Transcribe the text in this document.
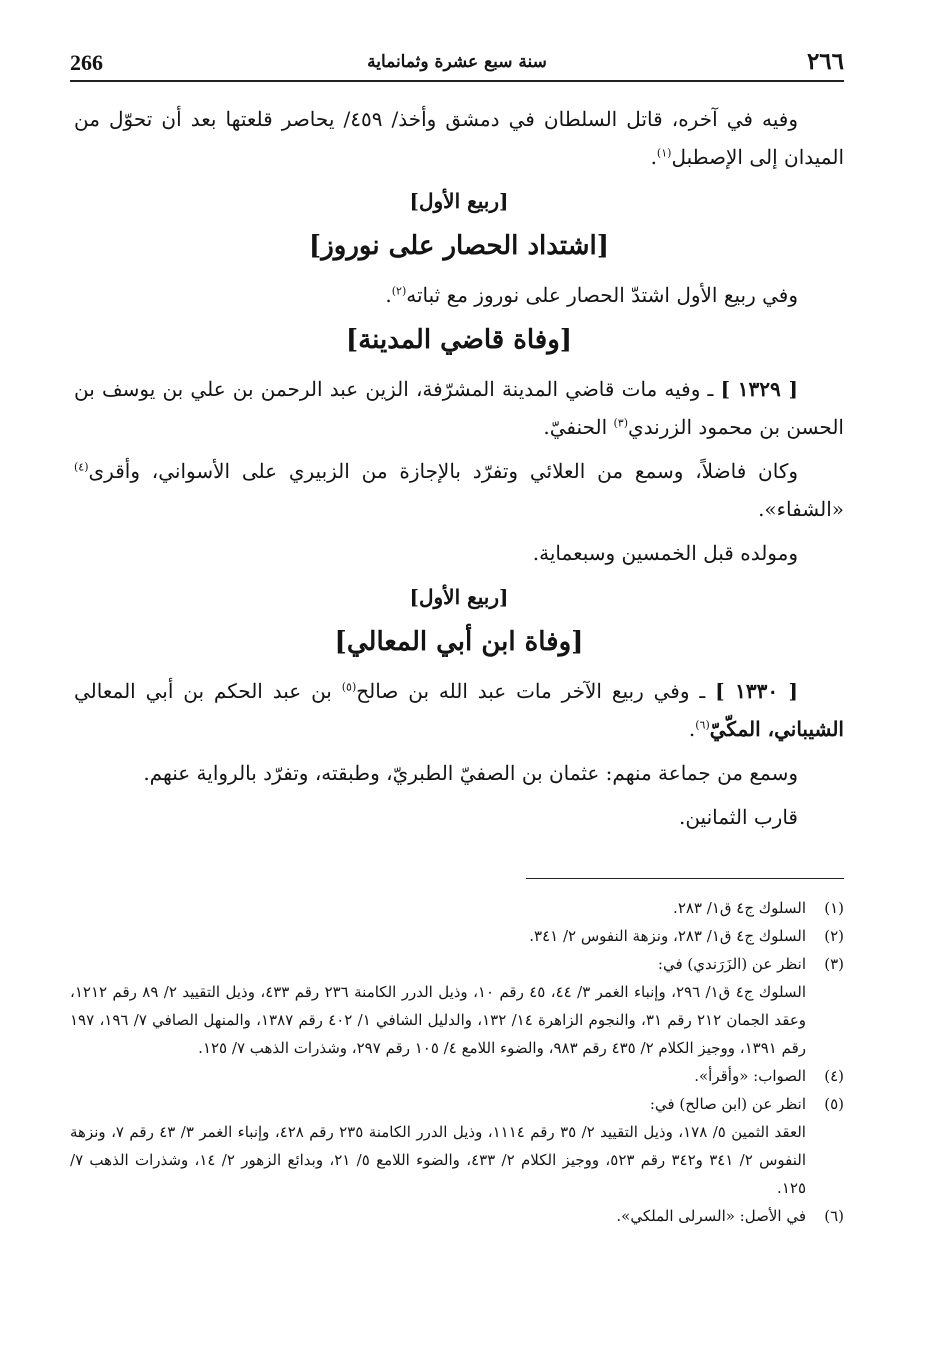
٢٦٦
سنة سبع عشرة وثمانماية
266

وفيه في آخره، قاتل السلطان في دمشق وأخذ/ ٤٥٩/ يحاصر قلعتها بعد أن تحوّل من الميدان إلى الإصطبل$^{(١)}$.

[ربيع الأول]
[اشتداد الحصار على نوروز]

وفي ربيع الأول اشتدّ الحصار على نوروز مع ثباته$^{(٢)}$.

[وفاة قاضي المدينة]

[ ١٣٢٩ ] ـ وفيه مات قاضي المدينة المشرّفة، الزين عبد الرحمن بن علي بن يوسف بن الحسن بن محمود الزرندي$^{(٣)}$ الحنفيّ.

وكان فاضلاً، وسمع من العلائي وتفرّد بالإجازة من الزبيري على الأسواني، وأقرى$^{(٤)}$ «الشفاء».

ومولده قبل الخمسين وسبعماية.

[ربيع الأول]
[وفاة ابن أبي المعالي]

[ ١٣٣٠ ] ـ وفي ربيع الآخر مات عبد الله بن صالح$^{(٥)}$ بن عبد الحكم بن أبي المعالي الشيباني، المكّيّ$^{(٦)}$.

وسمع من جماعة منهم: عثمان بن الصفيّ الطبريّ، وطبقته، وتفرّد بالرواية عنهم.

قارب الثمانين.

(١)
السلوك ج٤ ق١/ ٢٨٣.
(٢)
السلوك ج٤ ق١/ ٢٨٣، ونزهة النفوس ٢/ ٣٤١.
(٣)
انظر عن (الزَرَندي) في:
السلوك ج٤ ق١/ ٢٩٦، وإنباء الغمر ٣/ ٤٤، ٤٥ رقم ١٠، وذيل الدرر الكامنة ٢٣٦ رقم ٤٣٣، وذيل التقييد ٢/ ٨٩ رقم ١٢١٢، وعقد الجمان ٢١٢ رقم ٣١، والنجوم الزاهرة ١٤/ ١٣٢، والدليل الشافي ١/ ٤٠٢ رقم ١٣٨٧، والمنهل الصافي ٧/ ١٩٦، ١٩٧ رقم ١٣٩١، ووجيز الكلام ٢/ ٤٣٥ رقم ٩٨٣، والضوء اللامع ٤/ ١٠٥ رقم ٢٩٧، وشذرات الذهب ٧/ ١٢٥.
(٤)
الصواب: «وأقرأ».
(٥)
انظر عن (ابن صالح) في:
العقد الثمين ٥/ ١٧٨، وذيل التقييد ٢/ ٣٥ رقم ١١١٤، وذيل الدرر الكامنة ٢٣٥ رقم ٤٢٨، وإنباء الغمر ٣/ ٤٣ رقم ٧، ونزهة النفوس ٢/ ٣٤١ و٣٤٢ رقم ٥٢٣، ووجيز الكلام ٢/ ٤٣٣، والضوء اللامع ٥/ ٢١، وبدائع الزهور ٢/ ١٤، وشذرات الذهب ٧/ ١٢٥.
(٦)
في الأصل: «السرلى الملكي».
